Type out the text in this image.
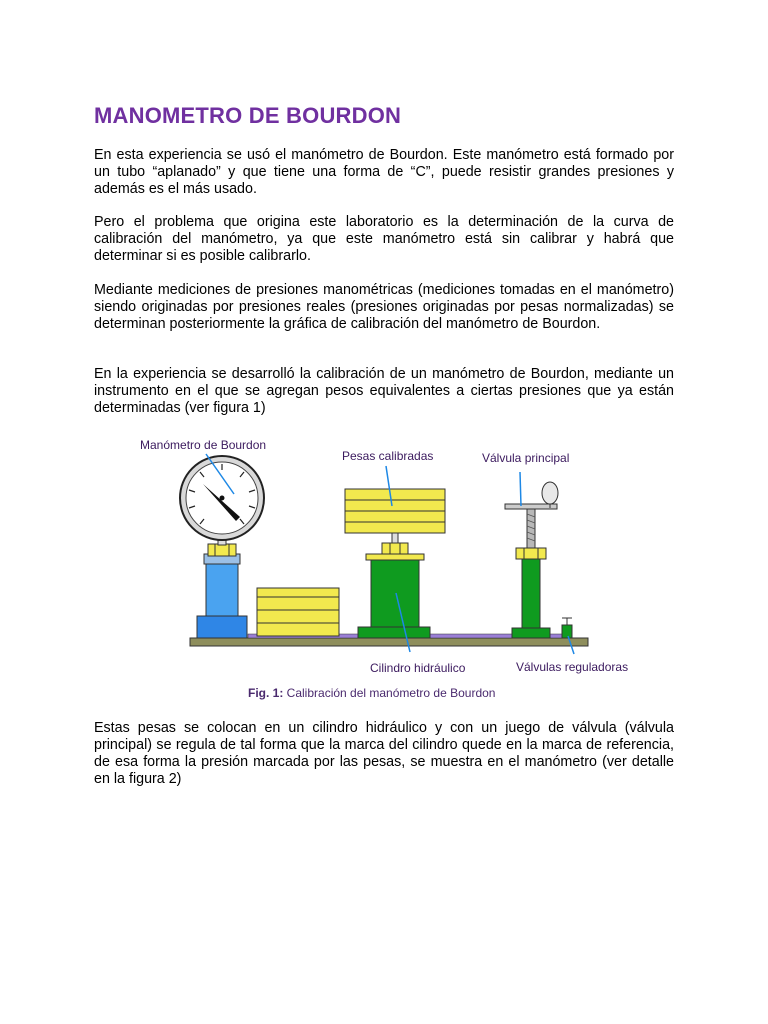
MANOMETRO DE BOURDON

En esta experiencia se usó el manómetro de Bourdon. Este manómetro está formado por un tubo “aplanado” y que tiene una forma de “C”, puede resistir grandes presiones y además es el más usado.

Pero el problema que origina este laboratorio es la determinación de la curva de calibración del manómetro, ya que este manómetro está sin calibrar y habrá que determinar si es posible calibrarlo.

Mediante mediciones de presiones manométricas (mediciones tomadas en el manómetro) siendo originadas por presiones reales (presiones originadas por pesas normalizadas) se determinan posteriormente la gráfica de calibración del manómetro de Bourdon.

En la experiencia se desarrolló la calibración de un manómetro de Bourdon, mediante un instrumento en el que se agregan pesos equivalentes a ciertas presiones que ya están determinadas (ver figura 1)

Manómetro de Bourdon
Pesas calibradas	Válvula principal
Cilindro hidráulico	Válvulas reguladoras
Fig. 1: Calibración del manómetro de Bourdon

Estas pesas se colocan en un cilindro hidráulico y con un juego de válvula (válvula principal) se regula de tal forma que la marca del cilindro quede en la marca de referencia, de esa forma la presión marcada por las pesas, se muestra en el manómetro (ver detalle en la figura 2)
